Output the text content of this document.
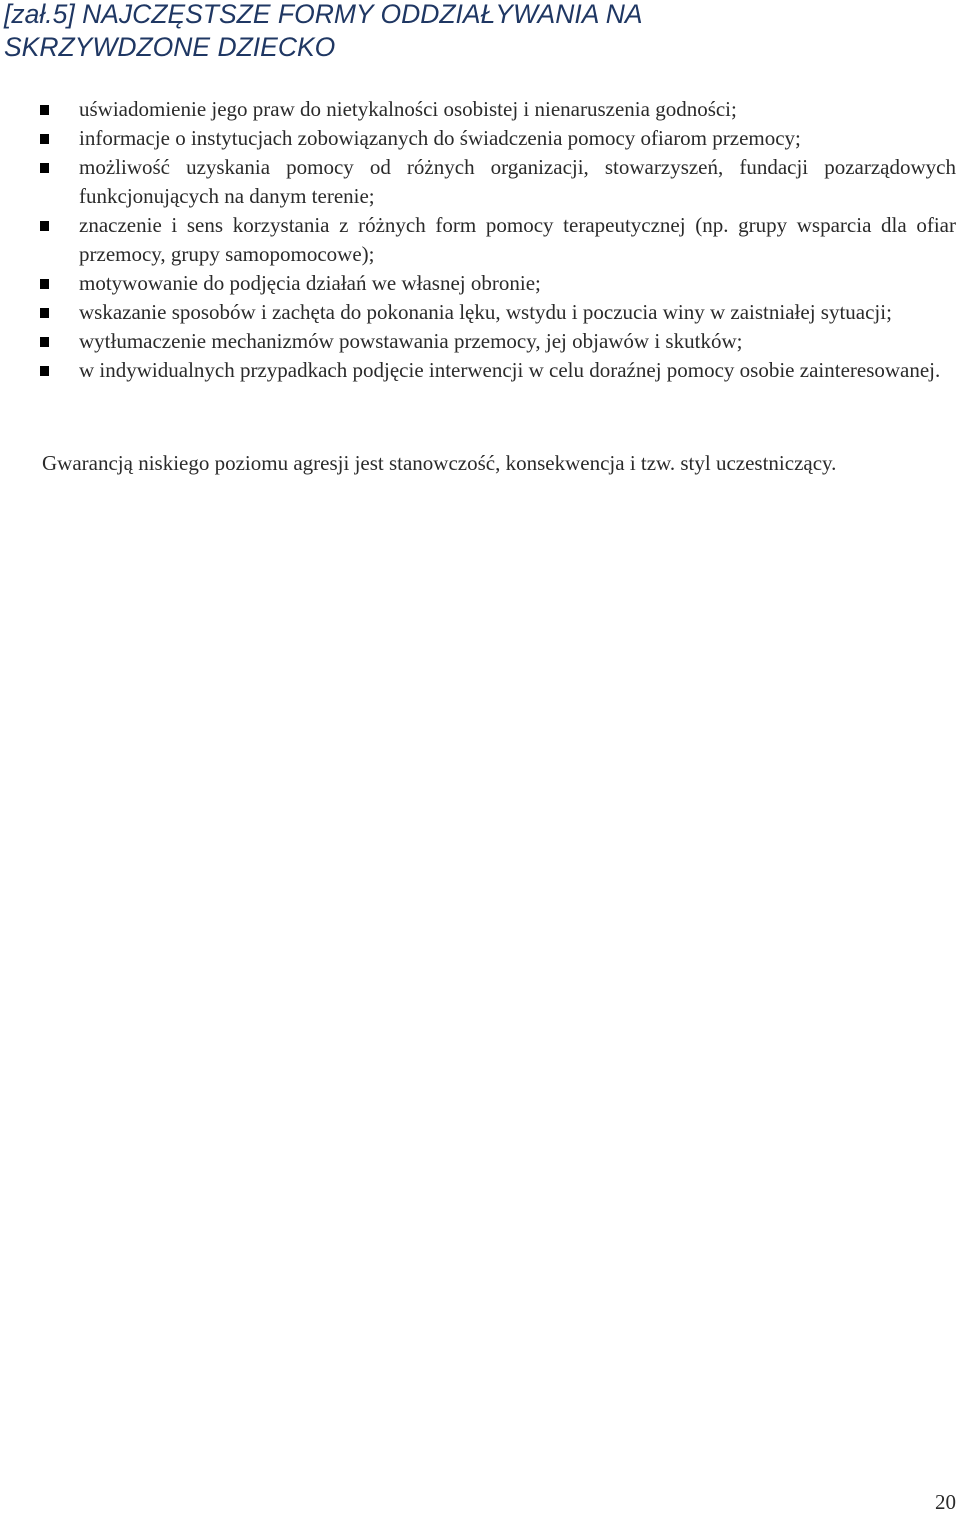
[zał.5] NAJCZĘSTSZE FORMY ODDZIAŁYWANIA NA
SKRZYWDZONE DZIECKO
uświadomienie jego praw do nietykalności osobistej i nienaruszenia godności;
informacje o instytucjach zobowiązanych do świadczenia pomocy ofiarom przemocy;
możliwość uzyskania pomocy od różnych organizacji, stowarzyszeń, fundacji pozarządowych funkcjonujących na danym terenie;
znaczenie i sens korzystania z różnych form pomocy terapeutycznej (np. grupy wsparcia dla ofiar przemocy, grupy samopomocowe);
motywowanie do podjęcia działań we własnej obronie;
wskazanie sposobów i zachęta do pokonania lęku, wstydu i poczucia winy w zaistniałej sytuacji;
wytłumaczenie mechanizmów powstawania przemocy, jej objawów i skutków;
w indywidualnych przypadkach podjęcie interwencji w celu doraźnej pomocy osobie zainteresowanej.

Gwarancją niskiego poziomu agresji jest stanowczość, konsekwencja i tzw. styl uczestniczący.

20
